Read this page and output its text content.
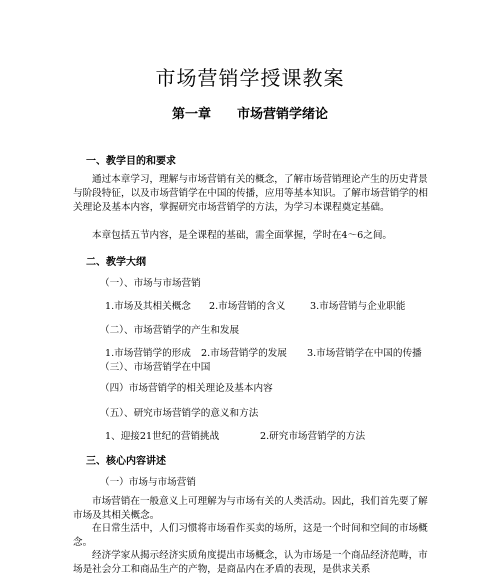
市场营销学授课教案
第一章 市场营销学绪论
一、教学目的和要求
通过本章学习，理解与市场营销有关的概念，了解市场营销理论产生的历史背景与阶段特征，以及市场营销学在中国的传播，应用等基本知识。了解市场营销学的相关理论及基本内容，掌握研究市场营销学的方法，为学习本课程奠定基础。
本章包括五节内容，是全课程的基础，需全面掌握，学时在4～6之间。
二、教学大纲
（一）、市场与市场营销
1.市场及其相关概念 2.市场营销的含义	3.市场营销与企业职能
（二）、市场营销学的产生和发展
1.市场营销学的形成 2.市场营销学的发展 3.市场营销学在中国的传播
（三）、市场营销学在中国
（四）市场营销学的相关理论及基本内容
（五）、研究市场营销学的意义和方法
1、迎接21世纪的营销挑战	2.研究市场营销学的方法
三、核心内容讲述
（一）市场与市场营销
市场营销在一般意义上可理解为与市场有关的人类活动。因此，我们首先要了解市场及其相关概念。
在日常生活中，人们习惯将市场看作买卖的场所，这是一个时间和空间的市场概念。
经济学家从揭示经济实质角度提出市场概念，认为市场是一个商品经济范畴，市场是社会分工和商品生产的产物，是商品内在矛盾的表现，是供求关系
